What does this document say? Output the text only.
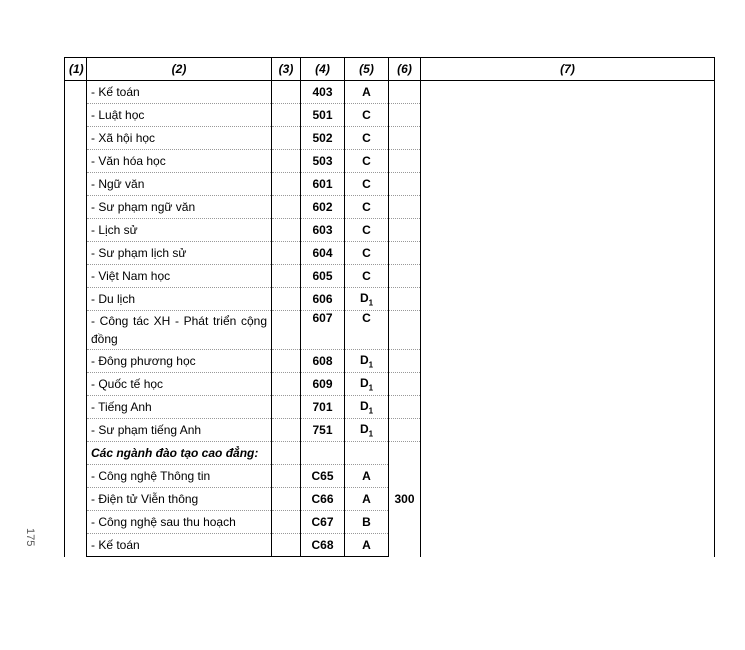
175
(1)	(2)	(3)	(4)	(5)	(6)	(7)
	- Kế toán		403	A		
	- Luật học		501	C		
	- Xã hội học		502	C		
	- Văn hóa học		503	C		
	- Ngữ văn		601	C		
	- Sư phạm ngữ văn		602	C		
	- Lịch sử		603	C		
	- Sư phạm lịch sử		604	C		
	- Việt Nam học		605	C		
	- Du lịch		606	$D_1$	
	- Công tác XH - Phát triển cộng đồng		607	C		
	- Đông phương học		608	$D_1$	
	- Quốc tế học		609	$D_1$	
	- Tiếng Anh		701	$D_1$	
	- Sư phạm tiếng Anh		751	$D_1$	
	Các ngành đào tạo cao đẳng:				300	
	- Công nghệ Thông tin		C65	A		
	- Điện tử Viễn thông		C66	A		
	- Công nghệ sau thu hoạch		C67	B		
	- Kế toán		C68	A		
